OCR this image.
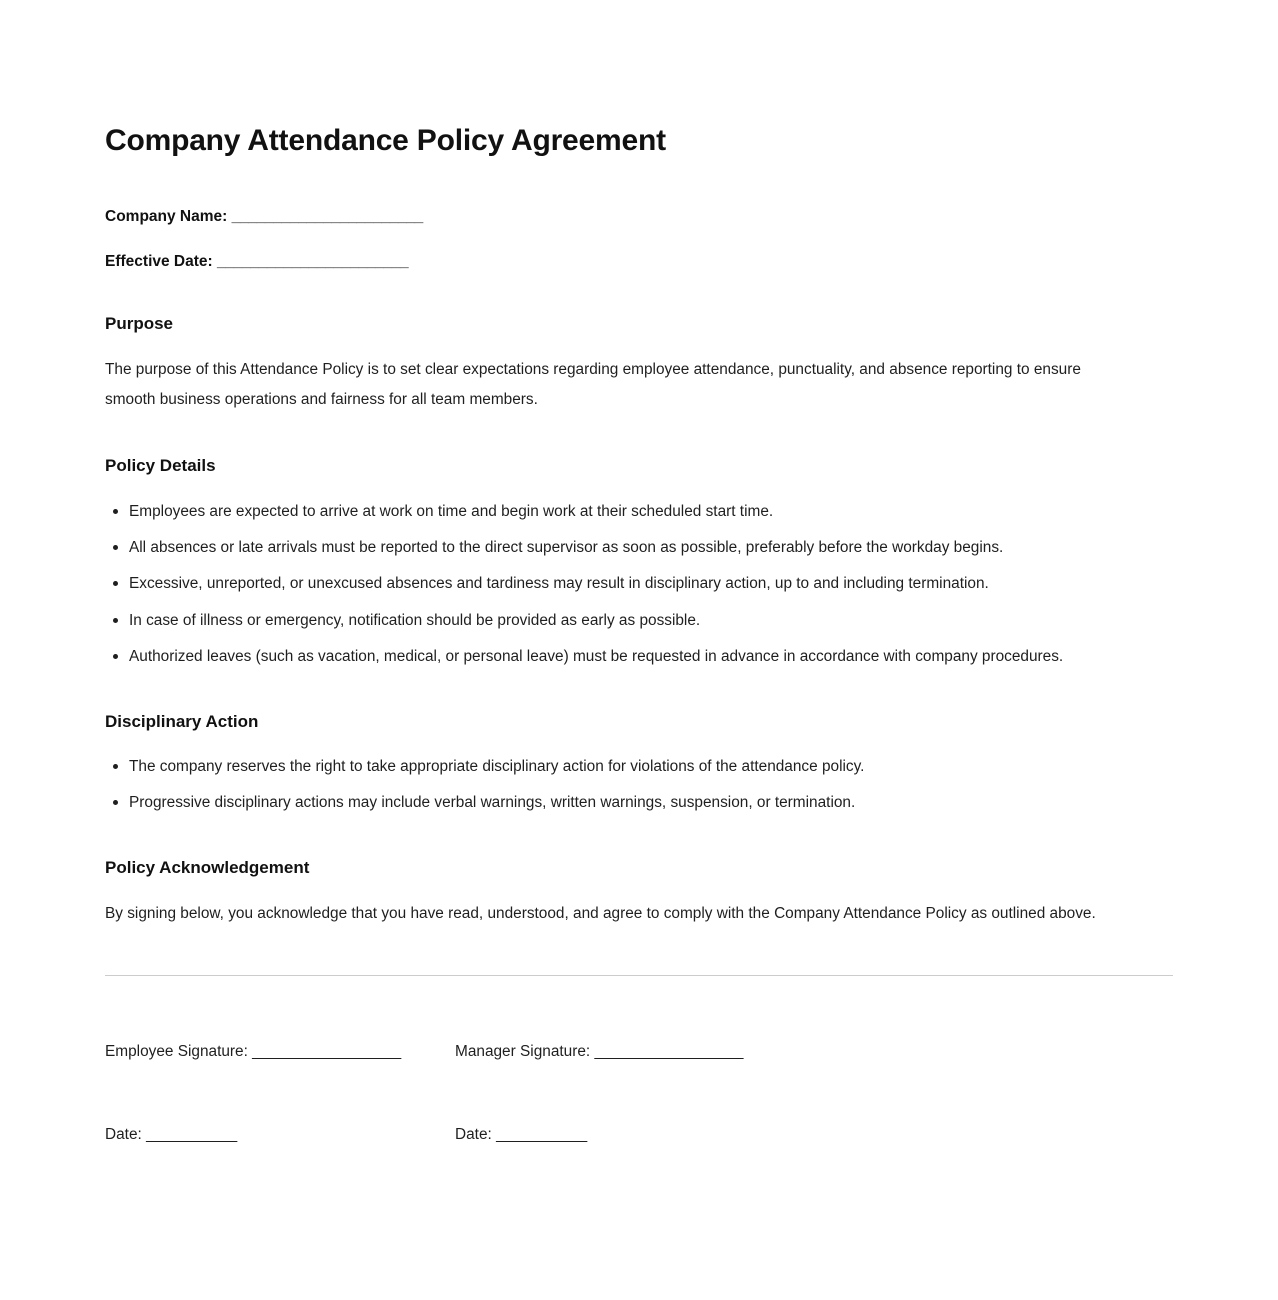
Company Attendance Policy Agreement
Company Name: _______________________
Effective Date: _______________________
Purpose

The purpose of this Attendance Policy is to set clear expectations regarding employee attendance, punctuality, and absence reporting to ensure smooth business operations and fairness for all team members.

Policy Details
Employees are expected to arrive at work on time and begin work at their scheduled start time.
All absences or late arrivals must be reported to the direct supervisor as soon as possible, preferably before the workday begins.
Excessive, unreported, or unexcused absences and tardiness may result in disciplinary action, up to and including termination.
In case of illness or emergency, notification should be provided as early as possible.
Authorized leaves (such as vacation, medical, or personal leave) must be requested in advance in accordance with company procedures.
Disciplinary Action
The company reserves the right to take appropriate disciplinary action for violations of the attendance policy.
Progressive disciplinary actions may include verbal warnings, written warnings, suspension, or termination.
Policy Acknowledgement

By signing below, you acknowledge that you have read, understood, and agree to comply with the Company Attendance Policy as outlined above.

Employee Signature: __________________	Manager Signature: __________________
Date: ___________	Date: ___________
